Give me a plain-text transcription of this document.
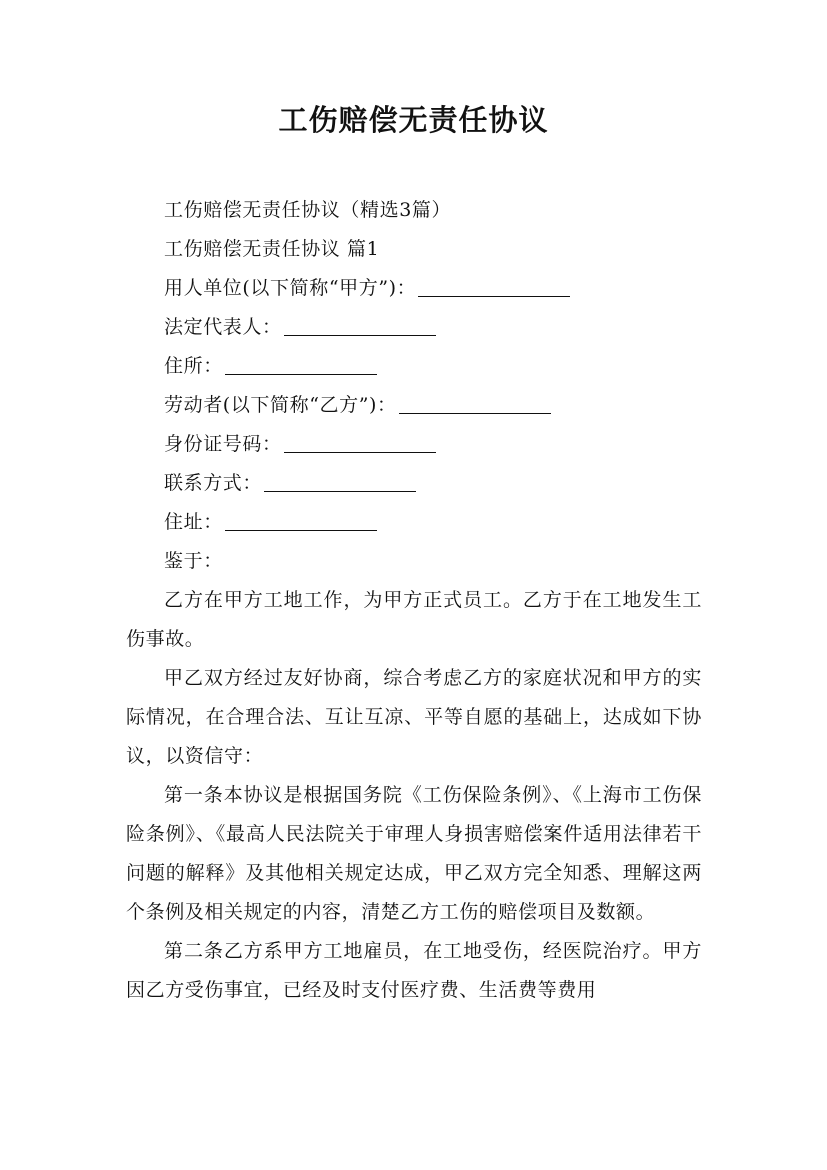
工伤赔偿无责任协议

工伤赔偿无责任协议（精选3篇）

工伤赔偿无责任协议 篇1

用人单位(以下简称“甲方”)：

法定代表人：

住所：

劳动者(以下简称“乙方”)：

身份证号码：

联系方式：

住址：

鉴于：

乙方在甲方工地工作，为甲方正式员工。乙方于在工地发生工伤事故。

甲乙双方经过友好协商，综合考虑乙方的家庭状况和甲方的实际情况，在合理合法、互让互凉、平等自愿的基础上，达成如下协议，以资信守：

第一条本协议是根据国务院《工伤保险条例》、《上海市工伤保险条例》、《最高人民法院关于审理人身损害赔偿案件适用法律若干问题的解释》及其他相关规定达成，甲乙双方完全知悉、理解这两个条例及相关规定的内容，清楚乙方工伤的赔偿项目及数额。

第二条乙方系甲方工地雇员，在工地受伤，经医院治疗。甲方因乙方受伤事宜，已经及时支付医疗费、生活费等费用
